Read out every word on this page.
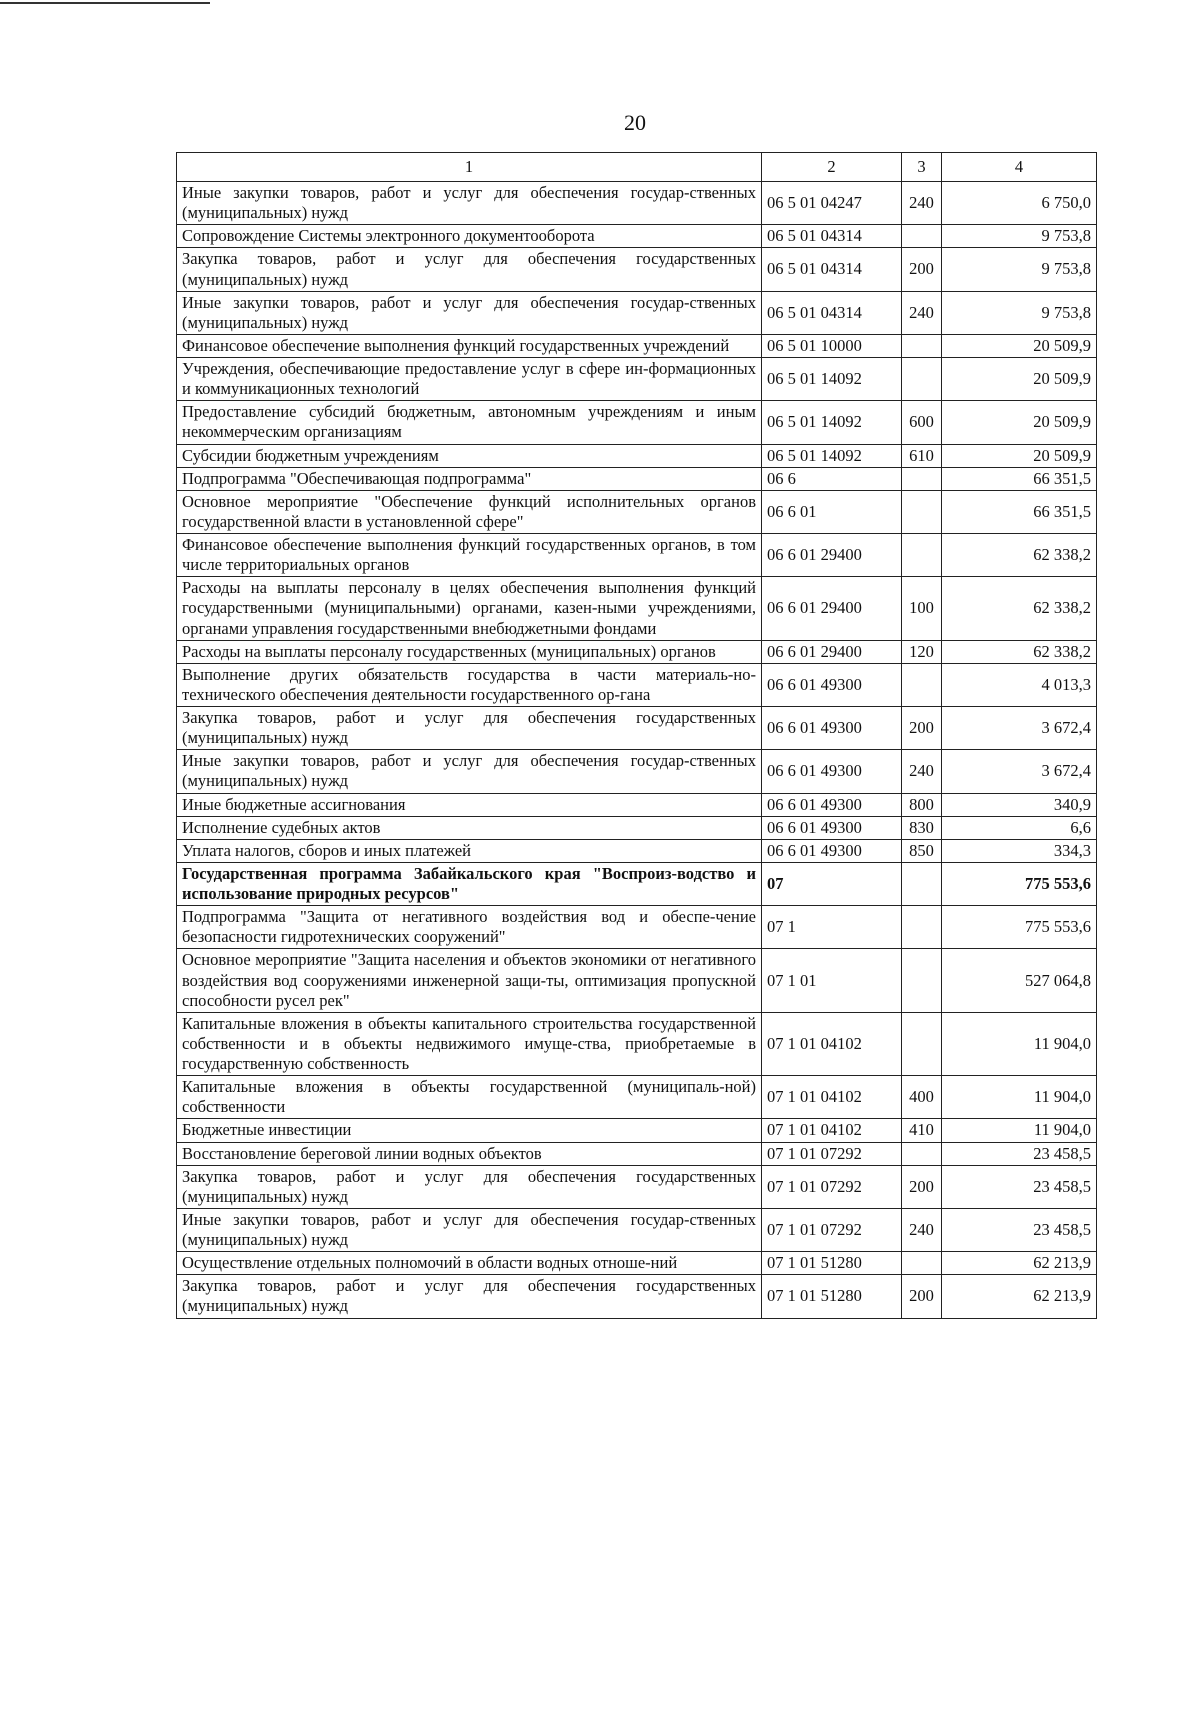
20
1	2	3	4
Иные закупки товаров, работ и услуг для обеспечения государ-ственных (муниципальных) нужд	06 5 01 04247	240	6 750,0
Сопровождение Системы электронного документооборота	06 5 01 04314		9 753,8
Закупка товаров, работ и услуг для обеспечения государственных (муниципальных) нужд	06 5 01 04314	200	9 753,8
Иные закупки товаров, работ и услуг для обеспечения государ-ственных (муниципальных) нужд	06 5 01 04314	240	9 753,8
Финансовое обеспечение выполнения функций государственных учреждений	06 5 01 10000		20 509,9
Учреждения, обеспечивающие предоставление услуг в сфере ин-формационных и коммуникационных технологий	06 5 01 14092		20 509,9
Предоставление субсидий бюджетным, автономным учреждениям и иным некоммерческим организациям	06 5 01 14092	600	20 509,9
Субсидии бюджетным учреждениям	06 5 01 14092	610	20 509,9
Подпрограмма "Обеспечивающая подпрограмма"	06 6		66 351,5
Основное мероприятие "Обеспечение функций исполнительных органов государственной власти в установленной сфере"	06 6 01		66 351,5
Финансовое обеспечение выполнения функций государственных органов, в том числе территориальных органов	06 6 01 29400		62 338,2
Расходы на выплаты персоналу в целях обеспечения выполнения функций государственными (муниципальными) органами, казен-ными учреждениями, органами управления государственными внебюджетными фондами	06 6 01 29400	100	62 338,2
Расходы на выплаты персоналу государственных (муниципальных) органов	06 6 01 29400	120	62 338,2
Выполнение других обязательств государства в части материаль-но-технического обеспечения деятельности государственного ор-гана	06 6 01 49300		4 013,3
Закупка товаров, работ и услуг для обеспечения государственных (муниципальных) нужд	06 6 01 49300	200	3 672,4
Иные закупки товаров, работ и услуг для обеспечения государ-ственных (муниципальных) нужд	06 6 01 49300	240	3 672,4
Иные бюджетные ассигнования	06 6 01 49300	800	340,9
Исполнение судебных актов	06 6 01 49300	830	6,6
Уплата налогов, сборов и иных платежей	06 6 01 49300	850	334,3
Государственная программа Забайкальского края "Воспроиз-водство и использование природных ресурсов"	07		775 553,6
Подпрограмма "Защита от негативного воздействия вод и обеспе-чение безопасности гидротехнических сооружений"	07 1		775 553,6
Основное мероприятие "Защита населения и объектов экономики от негативного воздействия вод сооружениями инженерной защи-ты, оптимизация пропускной способности русел рек"	07 1 01		527 064,8
Капитальные вложения в объекты капитального строительства государственной собственности и в объекты недвижимого имуще-ства, приобретаемые в государственную собственность	07 1 01 04102		11 904,0
Капитальные вложения в объекты государственной (муниципаль-ной) собственности	07 1 01 04102	400	11 904,0
Бюджетные инвестиции	07 1 01 04102	410	11 904,0
Восстановление береговой линии водных объектов	07 1 01 07292		23 458,5
Закупка товаров, работ и услуг для обеспечения государственных (муниципальных) нужд	07 1 01 07292	200	23 458,5
Иные закупки товаров, работ и услуг для обеспечения государ-ственных (муниципальных) нужд	07 1 01 07292	240	23 458,5
Осуществление отдельных полномочий в области водных отноше-ний	07 1 01 51280		62 213,9
Закупка товаров, работ и услуг для обеспечения государственных (муниципальных) нужд	07 1 01 51280	200	62 213,9
